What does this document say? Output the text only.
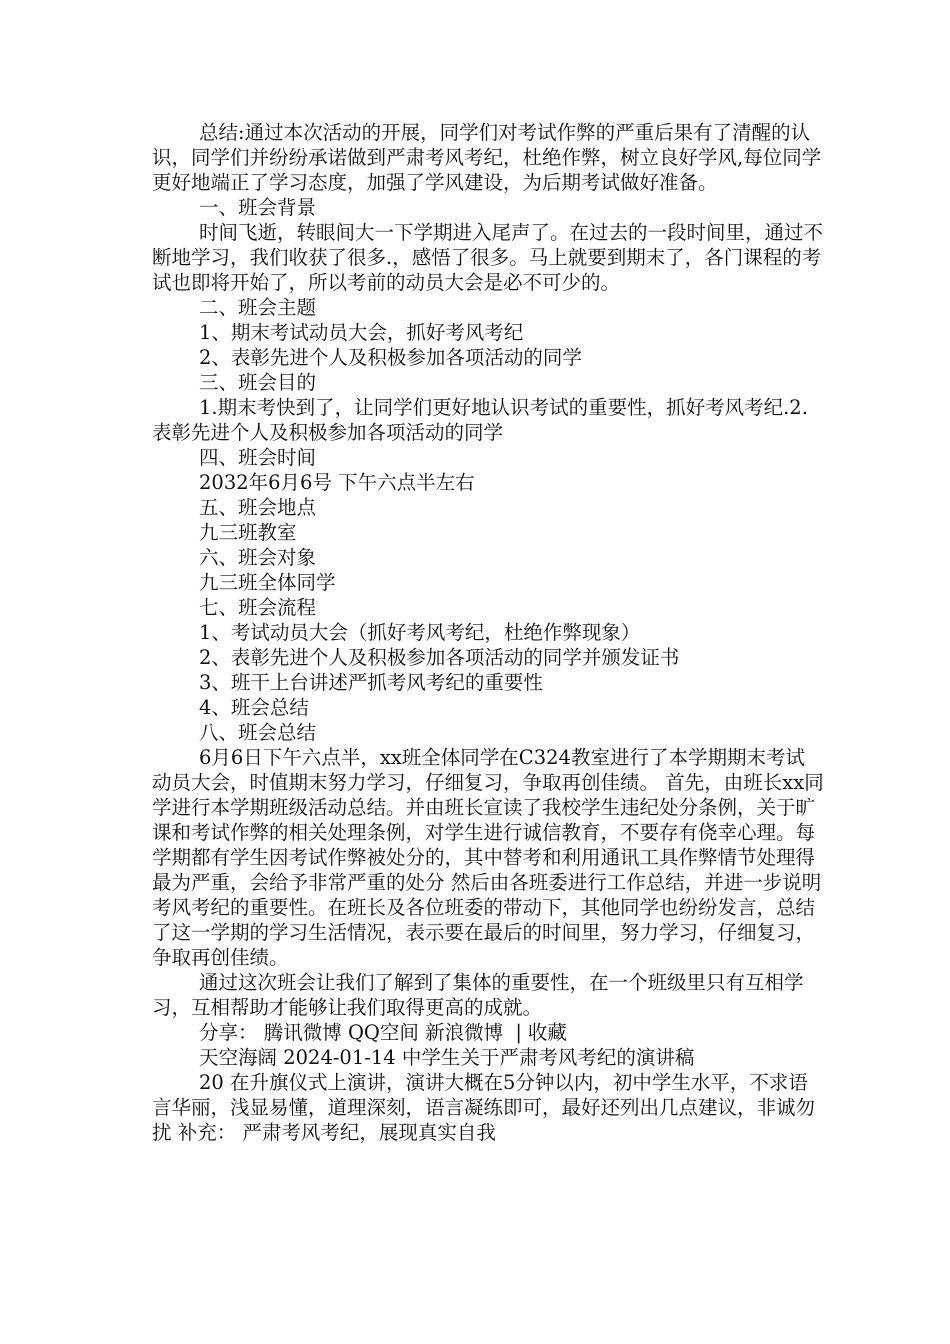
总结:通过本次活动的开展，同学们对考试作弊的严重后果有了清醒的认识，同学们并纷纷承诺做到严肃考风考纪，杜绝作弊，树立良好学风,每位同学更好地端正了学习态度，加强了学风建设，为后期考试做好准备。

一、班会背景

时间飞逝，转眼间大一下学期进入尾声了。在过去的一段时间里，通过不断地学习，我们收获了很多.，感悟了很多。马上就要到期末了，各门课程的考试也即将开始了，所以考前的动员大会是必不可少的。

二、班会主题

1、期末考试动员大会，抓好考风考纪

2、表彰先进个人及积极参加各项活动的同学

三、班会目的

1.期末考快到了，让同学们更好地认识考试的重要性，抓好考风考纪.2.表彰先进个人及积极参加各项活动的同学

四、班会时间

2032年6月6号 下午六点半左右

五、班会地点

九三班教室

六、班会对象

九三班全体同学

七、班会流程

1、考试动员大会（抓好考风考纪，杜绝作弊现象）

2、表彰先进个人及积极参加各项活动的同学并颁发证书

3、班干上台讲述严抓考风考纪的重要性

4、班会总结

八、班会总结

6月6日下午六点半，xx班全体同学在C324教室进行了本学期期末考试动员大会，时值期末努力学习，仔细复习，争取再创佳绩。 首先，由班长xx同学进行本学期班级活动总结。并由班长宣读了我校学生违纪处分条例，关于旷课和考试作弊的相关处理条例，对学生进行诚信教育，不要存有侥幸心理。每学期都有学生因考试作弊被处分的，其中替考和利用通讯工具作弊情节处理得最为严重，会给予非常严重的处分 然后由各班委进行工作总结，并进一步说明考风考纪的重要性。在班长及各位班委的带动下，其他同学也纷纷发言，总结了这一学期的学习生活情况，表示要在最后的时间里，努力学习，仔细复习，争取再创佳绩。

通过这次班会让我们了解到了集体的重要性，在一个班级里只有互相学习，互相帮助才能够让我们取得更高的成就。

分享： 腾讯微博 QQ空间 新浪微博 | 收藏

天空海阔 2024-01-14 中学生关于严肃考风考纪的演讲稿

20 在升旗仪式上演讲，演讲大概在5分钟以内，初中学生水平，不求语言华丽，浅显易懂，道理深刻，语言凝练即可，最好还列出几点建议，非诚勿扰 补充： 严肃考风考纪，展现真实自我
